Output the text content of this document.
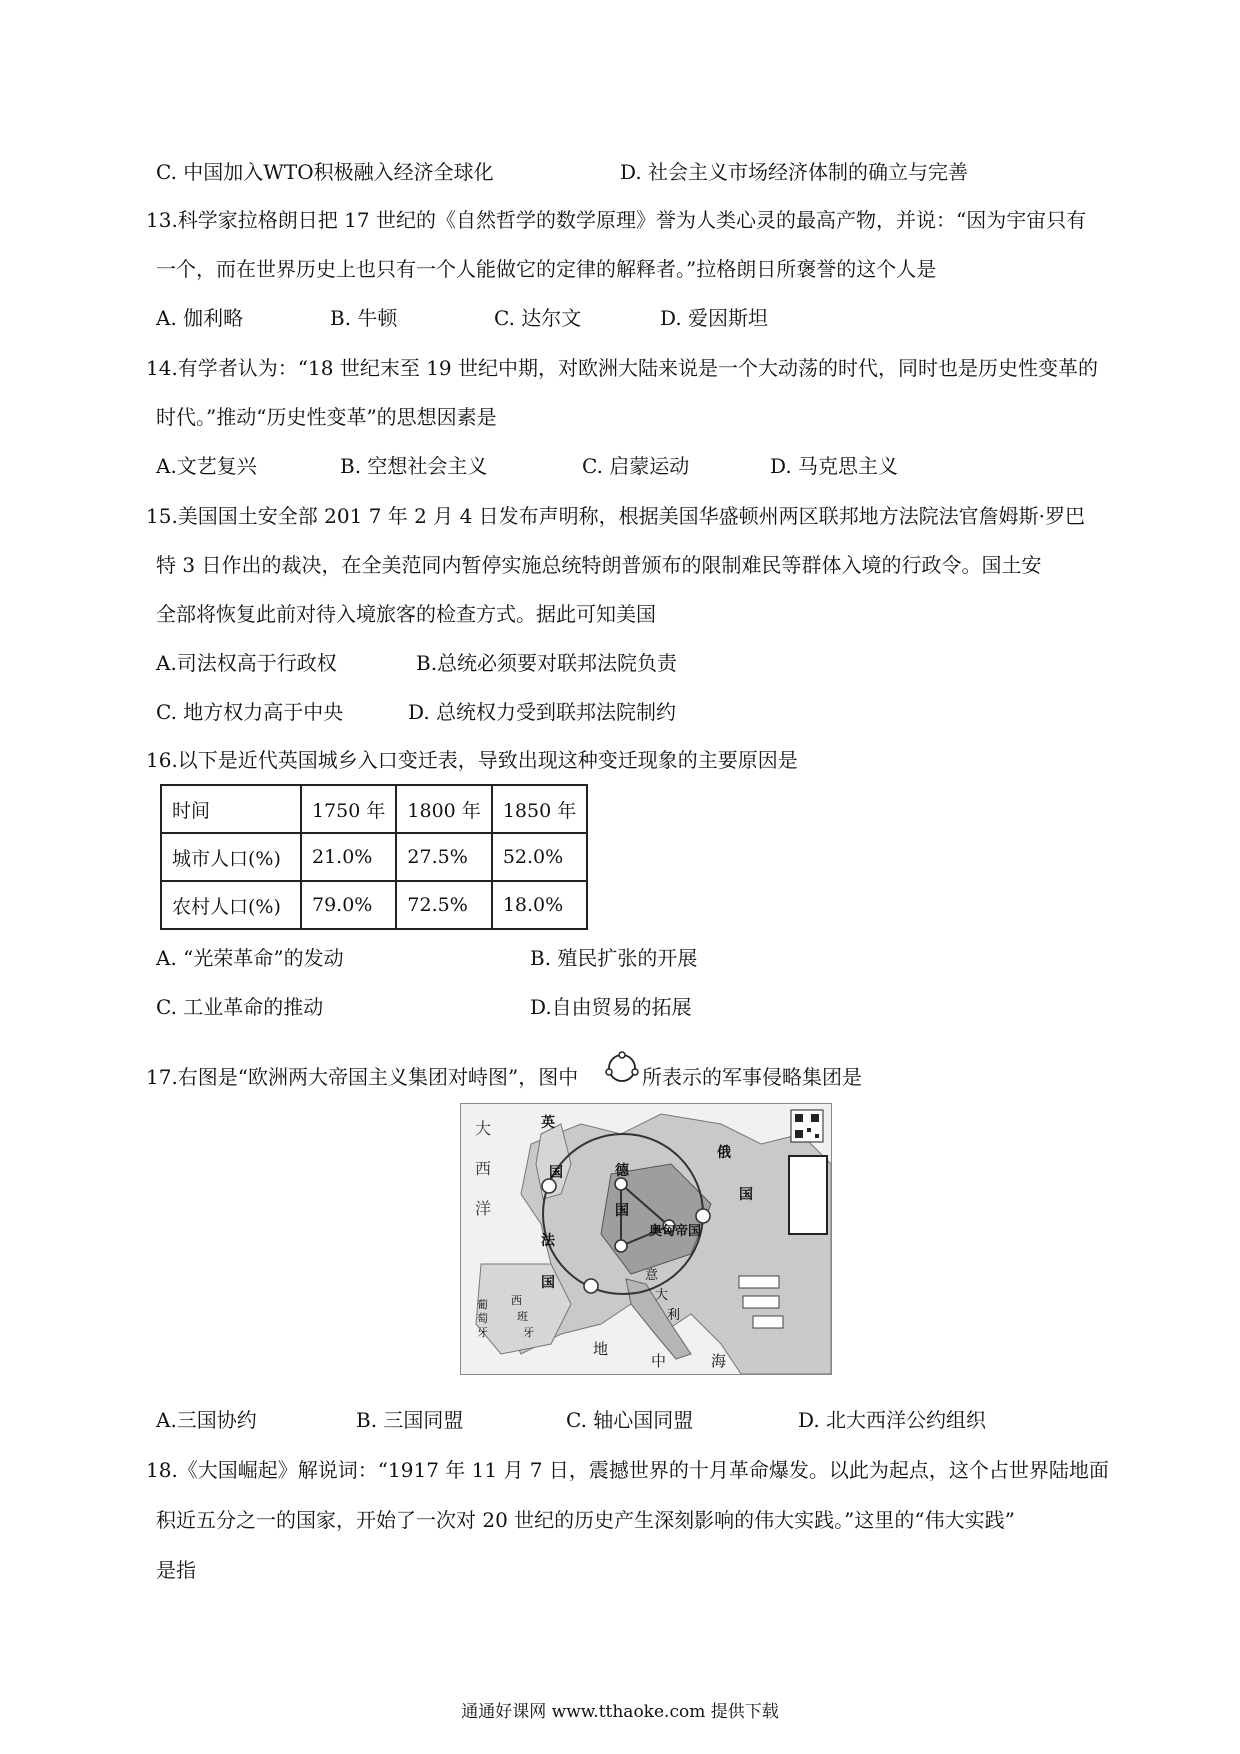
C. 中国加入WTO积极融入经济全球化	D. 社会主义市场经济体制的确立与完善
13.科学家拉格朗日把 17 世纪的《自然哲学的数学原理》誉为人类心灵的最高产物，并说：“因为宇宙只有
一个，而在世界历史上也只有一个人能做它的定律的解释者。”拉格朗日所褒誉的这个人是
A. 伽利略	B. 牛顿	C. 达尔文	D. 爱因斯坦
14.有学者认为：“18 世纪末至 19 世纪中期，对欧洲大陆来说是一个大动荡的时代，同时也是历史性变革的
时代。”推动“历史性变革”的思想因素是
A.文艺复兴	B. 空想社会主义	C. 启蒙运动	D. 马克思主义
15.美国国土安全部 201 7 年 2 月 4 日发布声明称，根据美国华盛顿州两区联邦地方法院法官詹姆斯·罗巴
特 3 日作出的裁决，在全美范同内暂停实施总统特朗普颁布的限制难民等群体入境的行政令。国土安
全部将恢复此前对待入境旅客的检查方式。据此可知美国
A.司法权高于行政权	B.总统必须要对联邦法院负责
C. 地方权力高于中央	D. 总统权力受到联邦法院制约
16.以下是近代英国城乡入口变迁表，导致出现这种变迁现象的主要原因是
时间	1750 年	1800 年	1850 年
城市人口(%)	21.0%	27.5%	52.0%
农村人口(%)	79.0%	72.5%	18.0%
A. “光荣革命”的发动	B. 殖民扩张的开展
C. 工业革命的推动	D.自由贸易的拓展
17.右图是“欧洲两大帝国主义集团对峙图”，图中	所表示的军事侵略集团是
大
西
洋
英
国
法
国
德
国
俄
国
奥匈帝国
意
大
利
西
班
牙
葡
萄
牙
地
中	海
A.三国协约	B. 三国同盟	C. 轴心国同盟	D. 北大西洋公约组织
18.《大国崛起》解说词：“1917 年 11 月 7 日，震撼世界的十月革命爆发。以此为起点，这个占世界陆地面
积近五分之一的国家，开始了一次对 20 世纪的历史产生深刻影响的伟大实践。”这里的“伟大实践”
是指
通通好课网 www.tthaoke.com 提供下载
